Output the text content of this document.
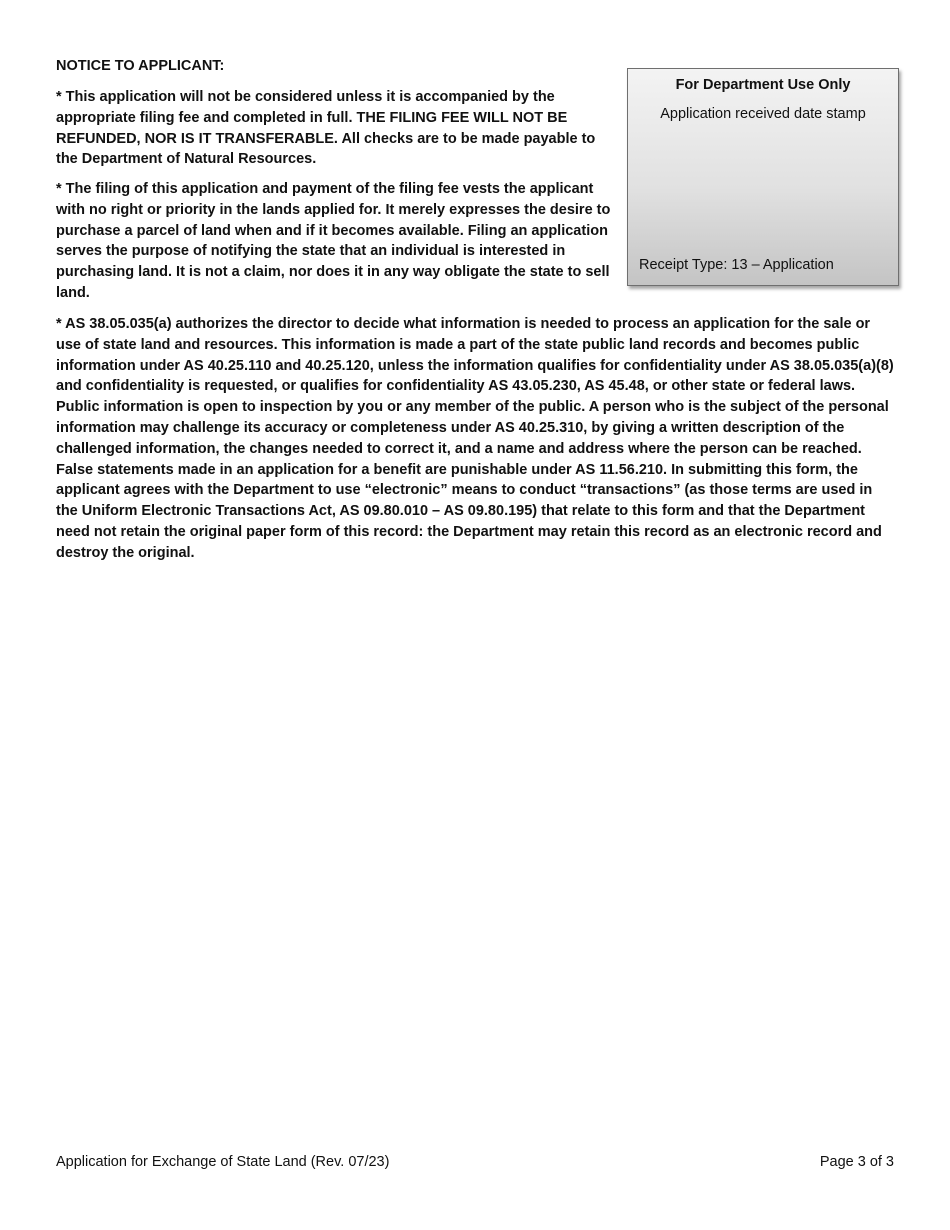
NOTICE TO APPLICANT:

* This application will not be considered unless it is accompanied by the appropriate filing fee and completed in full. THE FILING FEE WILL NOT BE REFUNDED, NOR IS IT TRANSFERABLE. All checks are to be made payable to the Department of Natural Resources.

* The filing of this application and payment of the filing fee vests the applicant with no right or priority in the lands applied for. It merely expresses the desire to purchase a parcel of land when and if it becomes available. Filing an application serves the purpose of notifying the state that an individual is interested in purchasing land. It is not a claim, nor does it in any way obligate the state to sell land.

For Department Use Only

Application received date stamp

Receipt Type: 13 – Application

* AS 38.05.035(a) authorizes the director to decide what information is needed to process an application for the sale or use of state land and resources. This information is made a part of the state public land records and becomes public information under AS 40.25.110 and 40.25.120, unless the information qualifies for confidentiality under AS 38.05.035(a)(8) and confidentiality is requested, or qualifies for confidentiality AS 43.05.230, AS 45.48, or other state or federal laws. Public information is open to inspection by you or any member of the public. A person who is the subject of the personal information may challenge its accuracy or completeness under AS 40.25.310, by giving a written description of the challenged information, the changes needed to correct it, and a name and address where the person can be reached. False statements made in an application for a benefit are punishable under AS 11.56.210. In submitting this form, the applicant agrees with the Department to use “electronic” means to conduct “transactions” (as those terms are used in the Uniform Electronic Transactions Act, AS 09.80.010 – AS 09.80.195) that relate to this form and that the Department need not retain the original paper form of this record: the Department may retain this record as an electronic record and destroy the original.

Application for Exchange of State Land (Rev. 07/23)	Page 3 of 3
